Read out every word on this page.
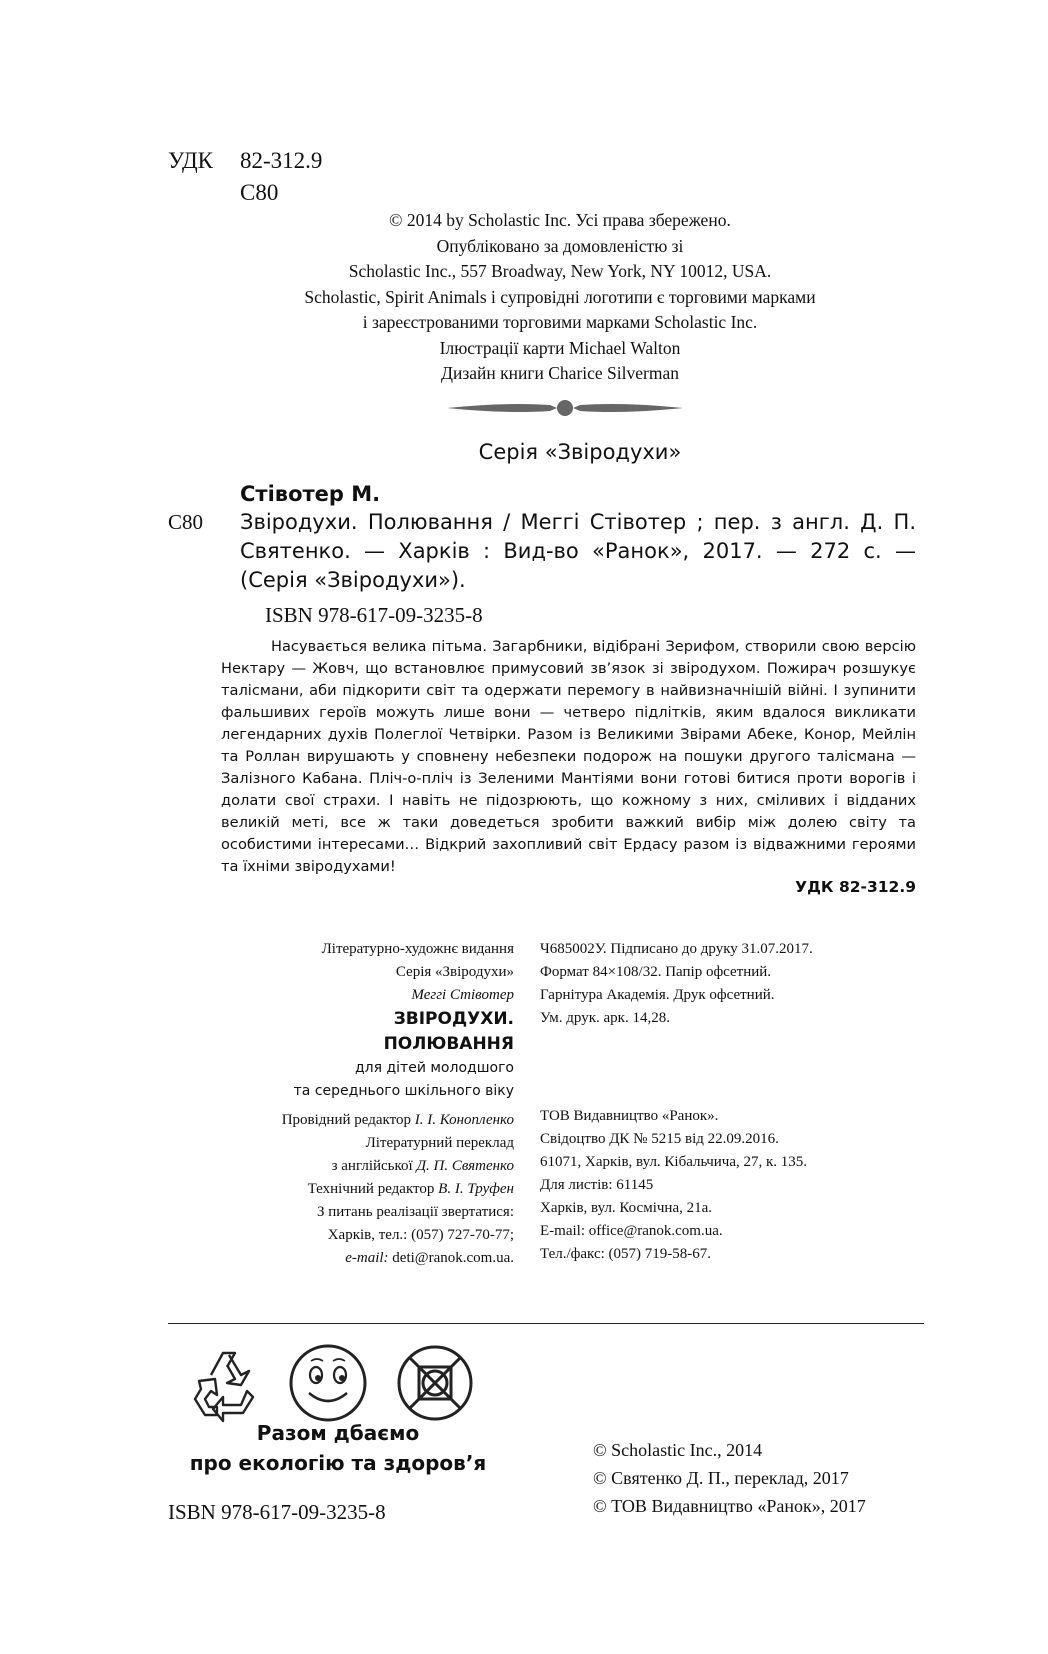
УДК 82-312.9
С80
© 2014 by Scholastic Inc. Усі права збережено.
Опубліковано за домовленістю зі
Scholastic Inc., 557 Broadway, New York, NY 10012, USA.
Scholastic, Spirit Animals і супровідні логотипи є торговими марками
і зареєстрованими торговими марками Scholastic Inc.
Ілюстрації карти Michael Walton
Дизайн книги Charice Silverman
Серія «Звіродухи»
Стівотер М.
С80 Звіродухи. Полювання / Меггі Стівотер ; пер. з англ. Д. П. Святенко. — Харків : Вид-во «Ранок», 2017. — 272 с. — (Серія «Звіродухи»).
ISBN 978-617-09-3235-8
Насувається велика пітьма. Загарбники, відібрані Зерифом, створили свою версію Нектару — Жовч, що встановлює примусовий зв’язок зі звіродухом. Пожирач розшукує талісмани, аби підкорити світ та одержати перемогу в найвизначнішій війні. І зупинити фальшивих героїв можуть лише вони — четверо підлітків, яким вдалося викликати легендарних духів Полеглої Четвірки. Разом із Великими Звірами Абеке, Конор, Мейлін та Роллан вирушають у сповнену небезпеки подорож на пошуки другого талісмана — Залізного Кабана. Пліч-о-пліч із Зеленими Мантіями вони готові битися проти ворогів і долати свої страхи. І навіть не підозрюють, що кожному з них, сміливих і відданих великій меті, все ж таки доведеться зробити важкий вибір між долею світу та особистими інтересами… Відкрий захопливий світ Ердасу разом із відважними героями та їхніми звіродухами!
УДК 82-312.9
Літературно-художнє видання
Серія «Звіродухи»
Меггі Стівотер
ЗВІРОДУХИ.
ПОЛЮВАННЯ
для дітей молодшого
та середнього шкільного віку
Провідний редактор І. І. Конопленко
Літературний переклад
з англійської Д. П. Святенко
Технічний редактор В. І. Труфен
З питань реалізації звертатися:
Харків, тел.: (057) 727-70-77;
e-mail: deti@ranok.com.ua.
Ч685002У. Підписано до друку 31.07.2017.
Формат 84×108/32. Папір офсетний.
Гарнітура Академія. Друк офсетний.
Ум. друк. арк. 14,28.
ТОВ Видавництво «Ранок».
Свідоцтво ДК № 5215 від 22.09.2016.
61071, Харків, вул. Кібальчича, 27, к. 135.
Для листів: 61145
Харків, вул. Космічна, 21а.
E-mail: office@ranok.com.ua.
Тел./факс: (057) 719-58-67.
Разом дбаємо
про екологію та здоров’я
ISBN 978-617-09-3235-8
© Scholastic Inc., 2014
© Святенко Д. П., переклад, 2017
© ТОВ Видавництво «Ранок», 2017
